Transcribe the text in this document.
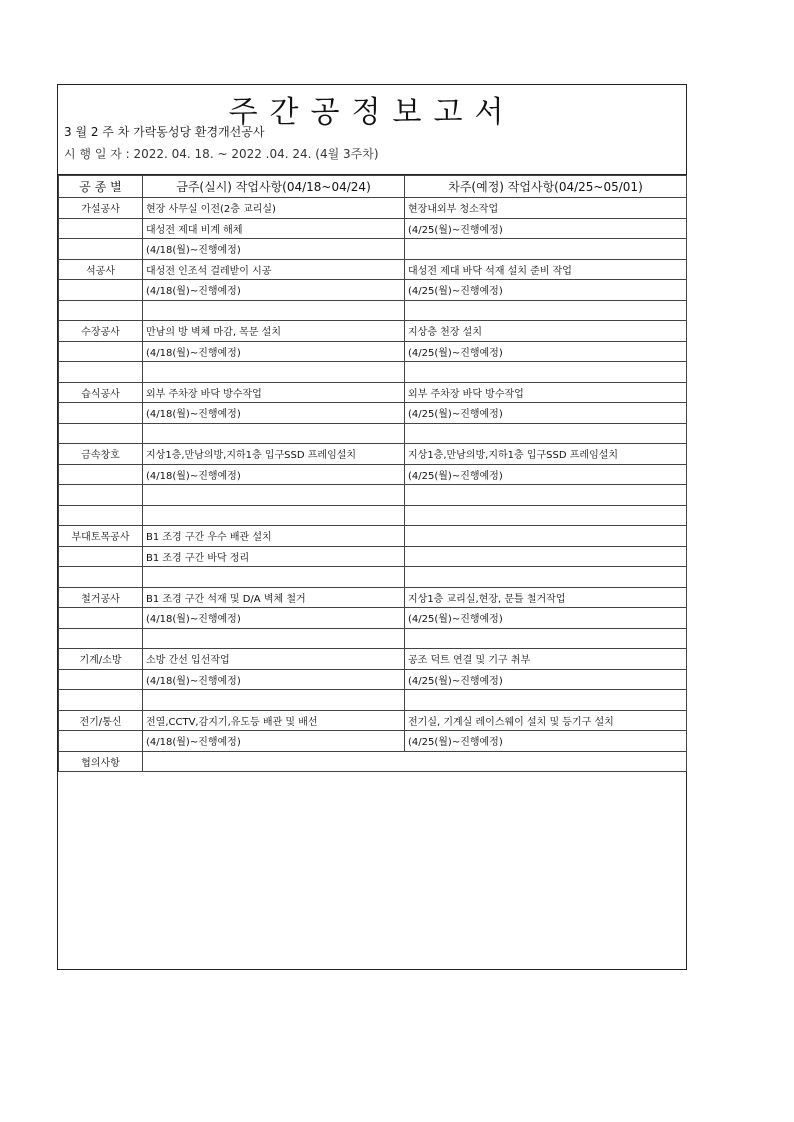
주간공정보고서
3 월 2 주 차 가락동성당 환경개선공사
시 행 일 자 : 2022. 04. 18. ~ 2022 .04. 24. (4월 3주차)
공 종 별	금주(실시) 작업사항(04/18~04/24)	차주(예정) 작업사항(04/25~05/01)
가설공사	현장 사무실 이전(2층 교리실)	현장내외부 청소작업
	대성전 제대 비계 해체	(4/25(월)~진행예정)
	(4/18(월)~진행예정)	
석공사	대성전 인조석 걸레받이 시공	대성전 제대 바닥 석재 설치 준비 작업
	(4/18(월)~진행예정)	(4/25(월)~진행예정)

수장공사	만남의 방 벽체 마감, 목문 설치	지상층 천장 설치
	(4/18(월)~진행예정)	(4/25(월)~진행예정)

습식공사	외부 주차장 바닥 방수작업	외부 주차장 바닥 방수작업
	(4/18(월)~진행예정)	(4/25(월)~진행예정)

금속창호	지상1층,만남의방,지하1층 입구SSD 프레임설치	지상1층,만남의방,지하1층 입구SSD 프레임설치
	(4/18(월)~진행예정)	(4/25(월)~진행예정)

부대토목공사	B1 조경 구간 우수 배관 설치	
	B1 조경 구간 바닥 정리	

철거공사	B1 조경 구간 석재 및 D/A 벽체 철거	지상1층 교리실,현장, 문틀 철거작업
	(4/18(월)~진행예정)	(4/25(월)~진행예정)

기계/소방	소방 간선 입선작업	공조 덕트 연결 및 기구 취부
	(4/18(월)~진행예정)	(4/25(월)~진행예정)

전기/통신	전열,CCTV,감지기,유도등 배관 및 배선	전기실, 기계실 레이스웨이 설치 및 등기구 설치
	(4/18(월)~진행예정)	(4/25(월)~진행예정)
협의사항		
